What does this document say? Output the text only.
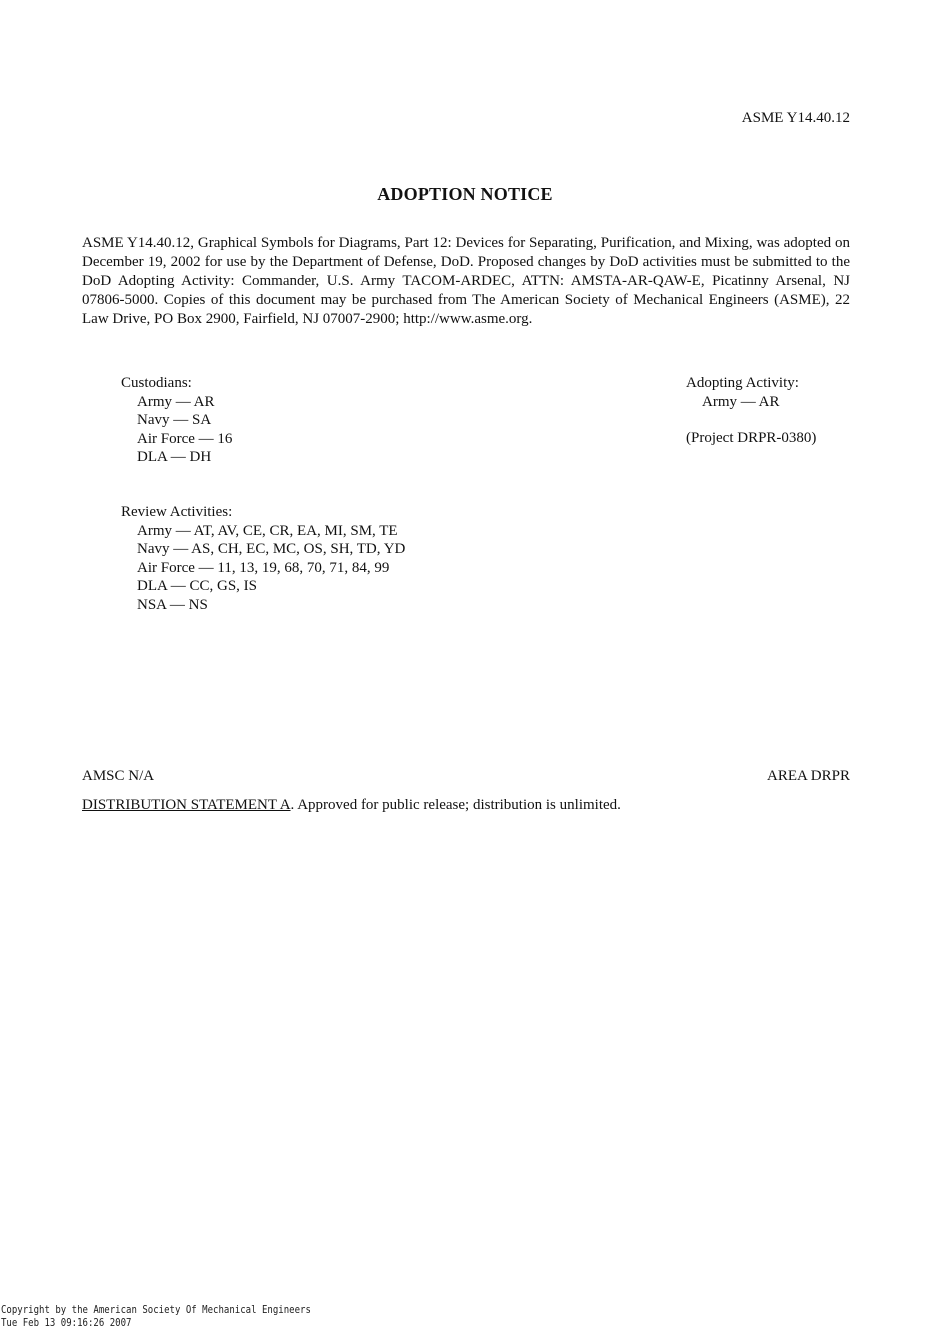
ASME Y14.40.12
ADOPTION NOTICE
ASME Y14.40.12, Graphical Symbols for Diagrams, Part 12: Devices for Separating, Purification, and Mixing, was adopted on December 19, 2002 for use by the Department of Defense, DoD. Proposed changes by DoD activities must be submitted to the DoD Adopting Activity: Commander, U.S. Army TACOM-ARDEC, ATTN: AMSTA-AR-QAW-E, Picatinny Arsenal, NJ 07806-5000. Copies of this document may be purchased from The American Society of Mechanical Engineers (ASME), 22 Law Drive, PO Box 2900, Fairfield, NJ 07007-2900; http://www.asme.org.
Custodians:
Army — AR
Navy — SA
Air Force — 16
DLA — DH
Adopting Activity:
Army — AR
(Project DRPR-0380)
Review Activities:
Army — AT, AV, CE, CR, EA, MI, SM, TE
Navy — AS, CH, EC, MC, OS, SH, TD, YD
Air Force — 11, 13, 19, 68, 70, 71, 84, 99
DLA — CC, GS, IS
NSA — NS
AMSC N/A	AREA DRPR
DISTRIBUTION STATEMENT A. Approved for public release; distribution is unlimited.
Copyright by the American Society Of Mechanical Engineers
Tue Feb 13 09:16:26 2007
